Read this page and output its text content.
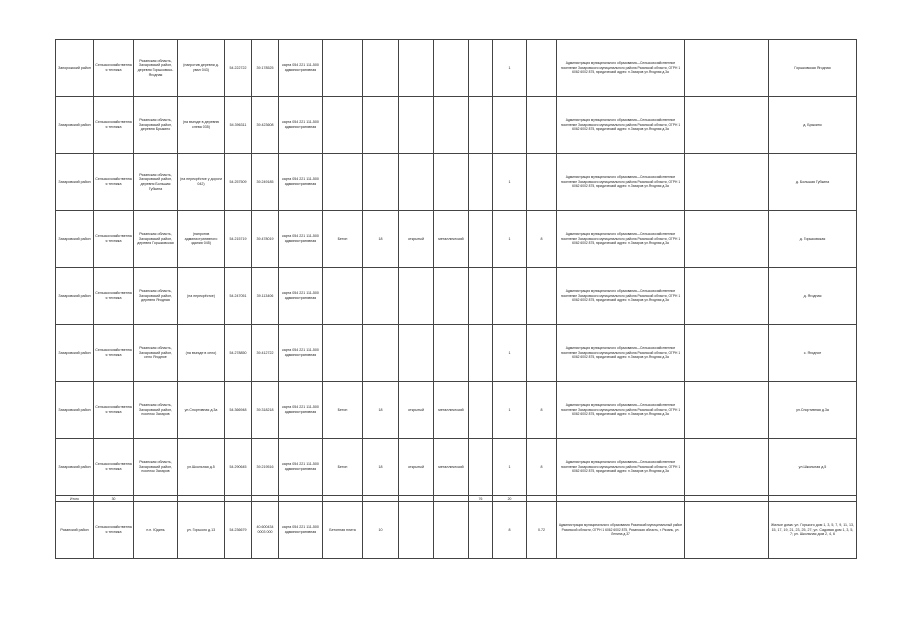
Запорожский район	Сельскохозяйственная техника	Рязанская область, Захаровский район, деревня Горшковско-Ягодная	(напротив деревни д. увал 043)	54.222722	39.178525	карта 054 221 111-500 административная						1		Администрация муниципального образования—Сельскохозяйственное поселение Захаровского муниципального района Рязанской области, ОГРН 1 6062 6002 875, юридический адрес: п.Захаров ул.Ягодная д.3а		Горшковская Ягодная
Захаровский район	Сельскохозяйственная техника	Рязанская область, Захаровский район, деревня Брыкино	(на въезде в деревню слева 035)	54.396311	39.423608	карта 054 221 111-500 административная								Администрация муниципального образования—Сельскохозяйственное поселение Захаровского муниципального района Рязанской области, ОГРН 1 6062 6002 875, юридический адрес: п.Захаров ул.Ягодная д.3а		д. Брыкино
Захаровский район	Сельскохозяйственная техника	Рязанская область, Захаровский район, деревня Большая Губкина	(на перекрёстке у дороги 042)	54.257509	39.249185	карта 054 221 111-500 административная						1		Администрация муниципального образования—Сельскохозяйственное поселение Захаровского муниципального района Рязанской области, ОГРН 1 6062 6002 875, юридический адрес: п.Захаров ул.Ягодная д.3а		д. Большая Губкина
Захаровский район	Сельскохозяйственная техника	Рязанская область, Захаровский район, деревня Горшковская	(напротив административного здания 045)	54.215719	39.478019	карта 054 221 111-500 административная	Бетон	18	открытый	металлический		1	8	Администрация муниципального образования—Сельскохозяйственное поселение Захаровского муниципального района Рязанской области, ОГРН 1 6062 6002 875, юридический адрес: п.Захаров ул.Ягодная д.3а		д. Горшковская
Захаровский район	Сельскохозяйственная техника	Рязанская область, Захаровский район, деревня Ягодная	(на перекрёстке)	54.247051	39.113406	карта 054 221 111-500 административная								Администрация муниципального образования—Сельскохозяйственное поселение Захаровского муниципального района Рязанской области, ОГРН 1 6062 6002 875, юридический адрес: п.Захаров ул.Ягодная д.3а		д. Ягодная
Захаровский район	Сельскохозяйственная техника	Рязанская область, Захаровский район, село Ягодное	(на въезде в село)	54.278850	39.412722	карта 054 221 111-500 административная						1		Администрация муниципального образования—Сельскохозяйственное поселение Захаровского муниципального района Рязанской области, ОГРН 1 6062 6002 875, юридический адрес: п.Захаров ул.Ягодная д.3а		с. Ягодное
Захаровский район	Сельскохозяйственная техника	Рязанская область, Захаровский район, поселок Захаров	ул.Спортивная д.3а	54.366948	39.318218	карта 054 221 111-500 административная	Бетон	18	открытый	металлический		1	8	Администрация муниципального образования—Сельскохозяйственное поселение Захаровского муниципального района Рязанской области, ОГРН 1 6062 6002 875, юридический адрес: п.Захаров ул.Ягодная д.3а		ул.Спортивная д.3а
Захаровский район	Сельскохозяйственная техника	Рязанская область, Захаровский район, поселок Захаров	ул.Школьная д.5	54.290645	39.219516	карта 054 221 111-500 административная	Бетон	18	открытый	металлический		1	8	Администрация муниципального образования—Сельскохозяйственное поселение Захаровского муниципального района Рязанской области, ОГРН 1 6062 6002 875, юридический адрес: п.Захаров ул.Ягодная д.3а		ул.Школьная д.5
Итого	30										76	20				
Рязанский район	Сельскохозяйственная техника	п.п. Юдинь	ул. Горького д.13	54.236679	40.600434 0003 000	карта 054 221 111-500 административная	Бетонная плита	10				8	0.72	Администрация муниципального образования Рязанский муниципальный район Рязанской области, ОГРН 1 6062 6002 875, Рязанская область, г. Рязань, ул. Ленина д.37		Жилые дома: ул. Горького дом 1, 3, 5, 7, 9, 11, 13, 15, 17, 19, 21, 23, 25, 27; ул. Садовая дом 1, 3, 5, 7; ул. Школьная дом 2, 4, 6
